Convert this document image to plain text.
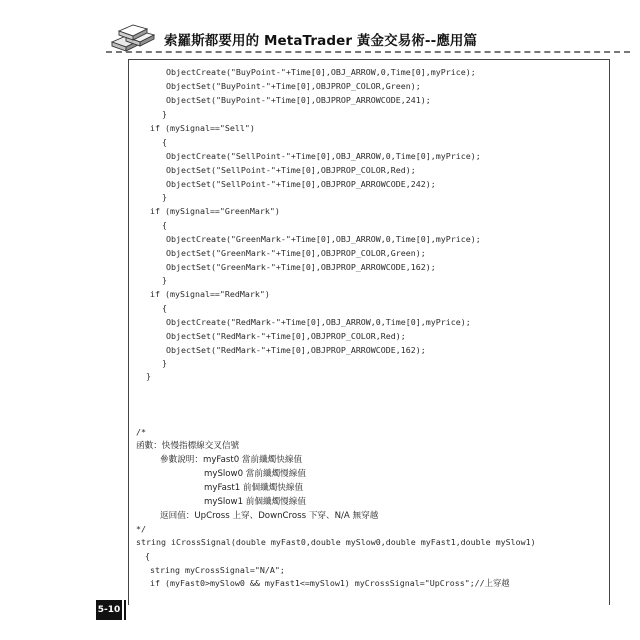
索羅斯都要用的 MetaTrader 黃金交易術--應用篇
ObjectCreate("BuyPoint-"+Time[0],OBJ_ARROW,0,Time[0],myPrice);
ObjectSet("BuyPoint-"+Time[0],OBJPROP_COLOR,Green);
ObjectSet("BuyPoint-"+Time[0],OBJPROP_ARROWCODE,241);
}
if (mySignal=="Sell")
{
ObjectCreate("SellPoint-"+Time[0],OBJ_ARROW,0,Time[0],myPrice);
ObjectSet("SellPoint-"+Time[0],OBJPROP_COLOR,Red);
ObjectSet("SellPoint-"+Time[0],OBJPROP_ARROWCODE,242);
}
if (mySignal=="GreenMark")
{
ObjectCreate("GreenMark-"+Time[0],OBJ_ARROW,0,Time[0],myPrice);
ObjectSet("GreenMark-"+Time[0],OBJPROP_COLOR,Green);
ObjectSet("GreenMark-"+Time[0],OBJPROP_ARROWCODE,162);
}
if (mySignal=="RedMark")
{
ObjectCreate("RedMark-"+Time[0],OBJ_ARROW,0,Time[0],myPrice);
ObjectSet("RedMark-"+Time[0],OBJPROP_COLOR,Red);
ObjectSet("RedMark-"+Time[0],OBJPROP_ARROWCODE,162);
}
}
/*
函數：快慢指標線交叉信號
參數說明：myFast0 當前纖燭快線值
mySlow0 當前纖燭慢線值
myFast1 前個纖燭快線值
mySlow1 前個纖燭慢線值
返回值：UpCross 上穿、DownCross 下穿、N/A 無穿越
*/
string iCrossSignal(double myFast0,double mySlow0,double myFast1,double mySlow1)
{
string myCrossSignal="N/A";
if (myFast0>mySlow0 && myFast1<=mySlow1) myCrossSignal="UpCross";//上穿越
5-10
